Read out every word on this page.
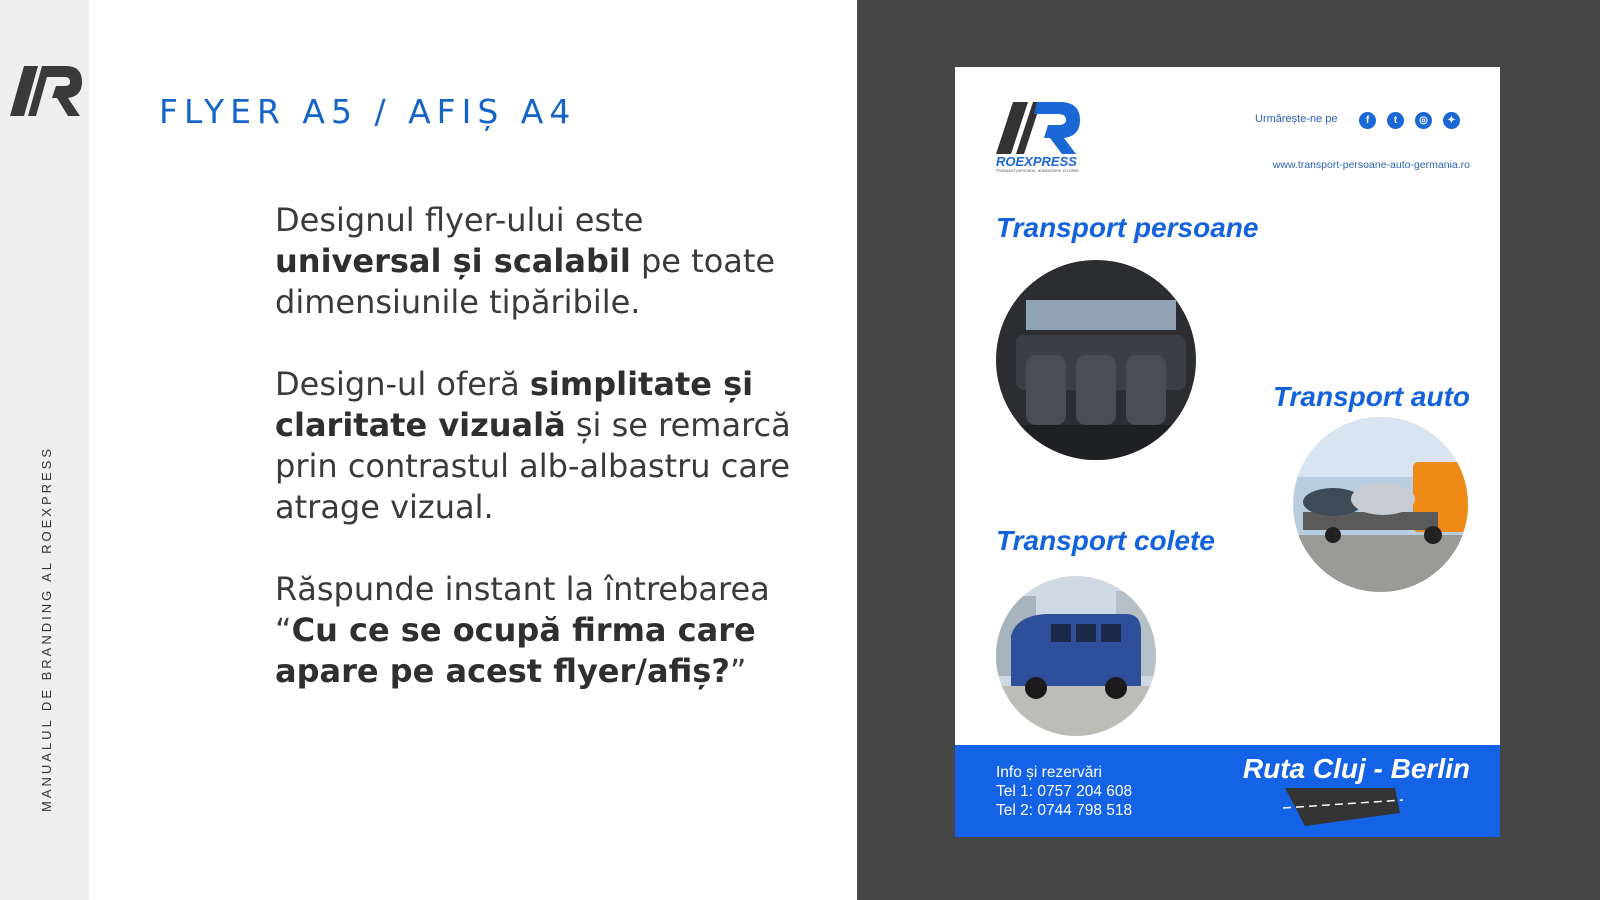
MANUALUL DE BRANDING AL ROEXPRESS
FLYER A5 / AFIȘ A4

Designul flyer-ului este universal și scalabil pe toate dimensiunile tipăribile.

Design-ul oferă simplitate și claritate vizuală și se remarcă prin contrastul alb-albastru care atrage vizual.

Răspunde instant la întrebarea “Cu ce se ocupă firma care apare pe acest flyer/afiș?”

ROEXPRESS
Transport persoane, autoturisme și colete
Urmărește-ne pe	f	t	◎	✦
www.transport-persoane-auto-germania.ro
Transport persoane
Transport auto
Transport colete
Info și rezervări
Tel 1: 0757 204 608
Tel 2: 0744 798 518
Ruta Cluj - Berlin
